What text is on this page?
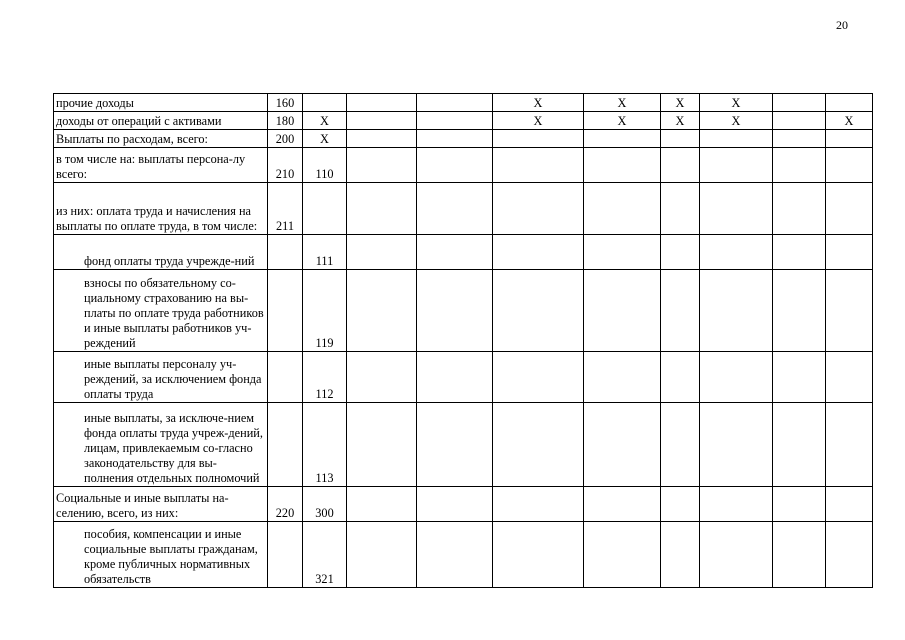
20
прочие доходы	160				X	X	X	X		
доходы от операций с активами	180	X			X	X	X	X		X
Выплаты по расходам, всего:	200	X								
в том числе на: выплаты персона-лу всего:	210	110								
из них: оплата труда и начисления на выплаты по оплате труда, в том числе:	211									
фонд оплаты труда учрежде-ний		111								
взносы по обязательному со-циальному страхованию на вы-платы по оплате труда работников и иные выплаты работников уч-реждений		119								
иные выплаты персоналу уч-реждений, за исключением фонда оплаты труда		112								
иные выплаты, за исключе-нием фонда оплаты труда учреж-дений, лицам, привлекаемым со-гласно законодательству для вы-полнения отдельных полномочий		113								
Социальные и иные выплаты на-селению, всего, из них:	220	300								
пособия, компенсации и иные социальные выплаты гражданам, кроме публичных нормативных обязательств		321								
